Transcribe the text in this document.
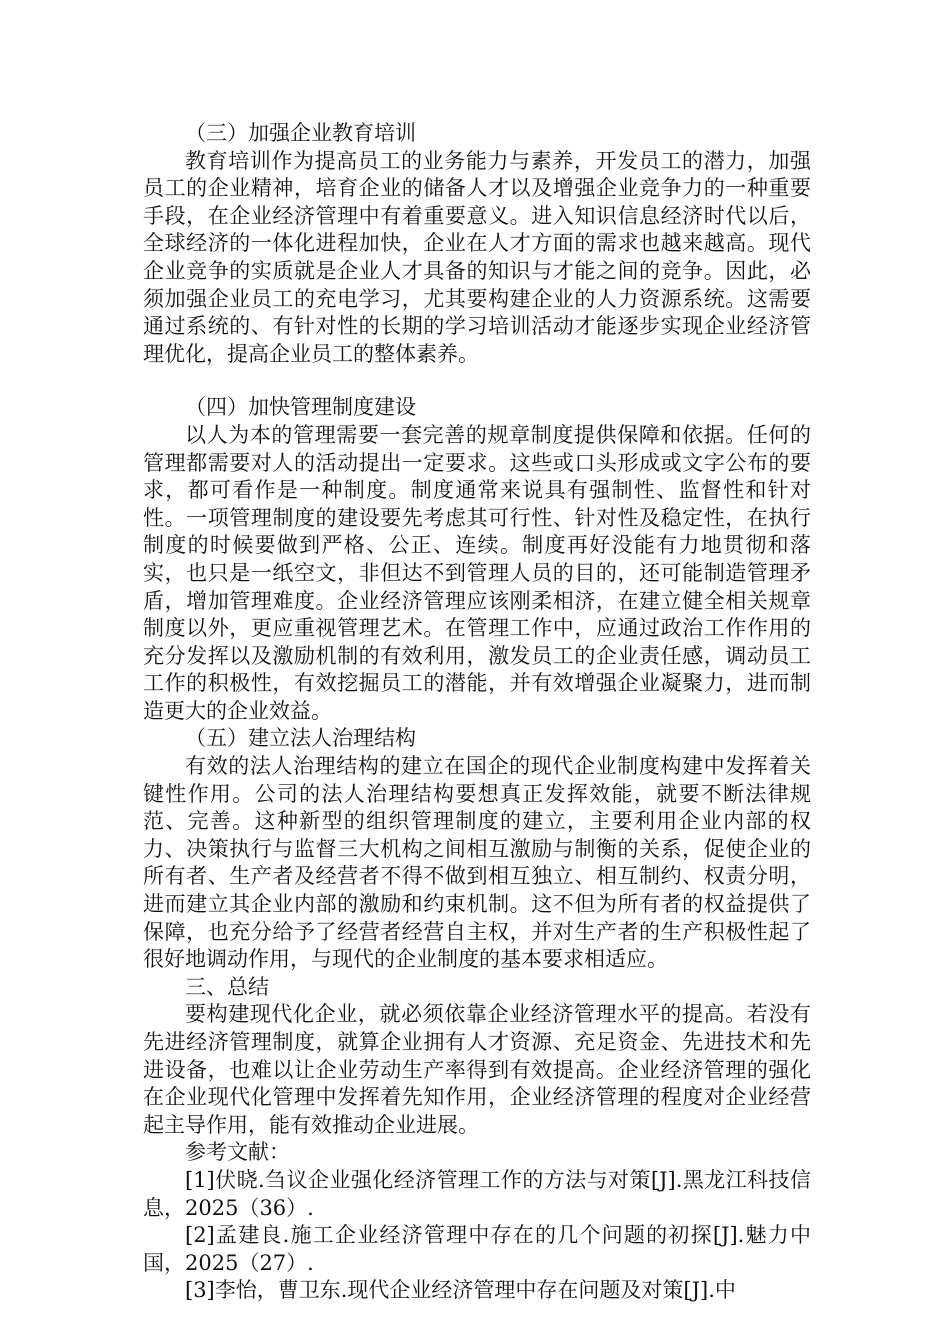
（三）加强企业教育培训

教育培训作为提高员工的业务能力与素养，开发员工的潜力，加强员工的企业精神，培育企业的储备人才以及增强企业竞争力的一种重要手段，在企业经济管理中有着重要意义。进入知识信息经济时代以后，全球经济的一体化进程加快，企业在人才方面的需求也越来越高。现代企业竞争的实质就是企业人才具备的知识与才能之间的竞争。因此，必须加强企业员工的充电学习，尤其要构建企业的人力资源系统。这需要通过系统的、有针对性的长期的学习培训活动才能逐步实现企业经济管理优化，提高企业员工的整体素养。

（四）加快管理制度建设

以人为本的管理需要一套完善的规章制度提供保障和依据。任何的管理都需要对人的活动提出一定要求。这些或口头形成或文字公布的要求，都可看作是一种制度。制度通常来说具有强制性、监督性和针对性。一项管理制度的建设要先考虑其可行性、针对性及稳定性，在执行制度的时候要做到严格、公正、连续。制度再好没能有力地贯彻和落实，也只是一纸空文，非但达不到管理人员的目的，还可能制造管理矛盾，增加管理难度。企业经济管理应该刚柔相济，在建立健全相关规章制度以外，更应重视管理艺术。在管理工作中，应通过政治工作作用的充分发挥以及激励机制的有效利用，激发员工的企业责任感，调动员工工作的积极性，有效挖掘员工的潜能，并有效增强企业凝聚力，进而制造更大的企业效益。

（五）建立法人治理结构

有效的法人治理结构的建立在国企的现代企业制度构建中发挥着关键性作用。公司的法人治理结构要想真正发挥效能，就要不断法律规范、完善。这种新型的组织管理制度的建立，主要利用企业内部的权力、决策执行与监督三大机构之间相互激励与制衡的关系，促使企业的所有者、生产者及经营者不得不做到相互独立、相互制约、权责分明，进而建立其企业内部的激励和约束机制。这不但为所有者的权益提供了保障，也充分给予了经营者经营自主权，并对生产者的生产积极性起了很好地调动作用，与现代的企业制度的基本要求相适应。

三、总结

要构建现代化企业，就必须依靠企业经济管理水平的提高。若没有先进经济管理制度，就算企业拥有人才资源、充足资金、先进技术和先进设备，也难以让企业劳动生产率得到有效提高。企业经济管理的强化在企业现代化管理中发挥着先知作用，企业经济管理的程度对企业经营起主导作用，能有效推动企业进展。

参考文献：

[1]伏晓.刍议企业强化经济管理工作的方法与对策[J].黑龙江科技信息，2025（36）.

[2]孟建良.施工企业经济管理中存在的几个问题的初探[J].魅力中国，2025（27）.

[3]李怡，曹卫东.现代企业经济管理中存在问题及对策[J].中
